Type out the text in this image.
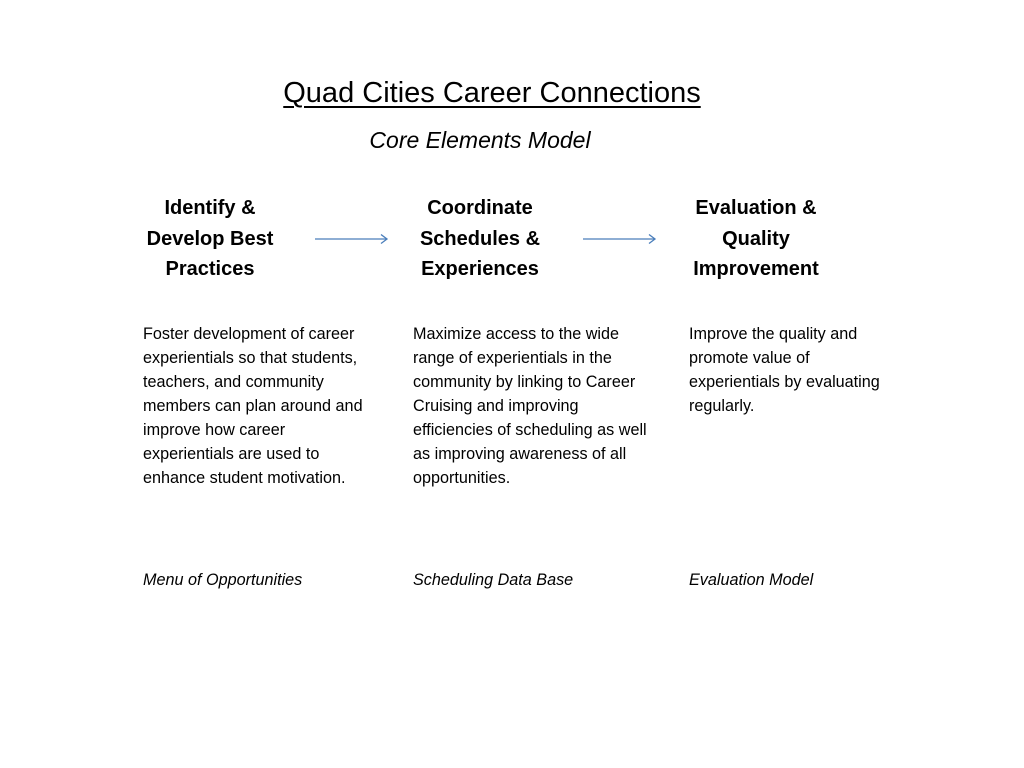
Quad Cities Career Connections
Core Elements Model
Identify &
Develop Best
Practices
Coordinate
Schedules &
Experiences
Evaluation &
Quality
Improvement
Foster development of career experientials so that students, teachers, and community members can plan around and improve how career experientials are used to enhance student motivation.
Maximize access to the wide range of experientials in the community by linking to Career Cruising and improving efficiencies of scheduling as well as improving awareness of all opportunities.
Improve the quality and promote value of experientials by evaluating regularly.
Menu of Opportunities	Scheduling Data Base	Evaluation Model
